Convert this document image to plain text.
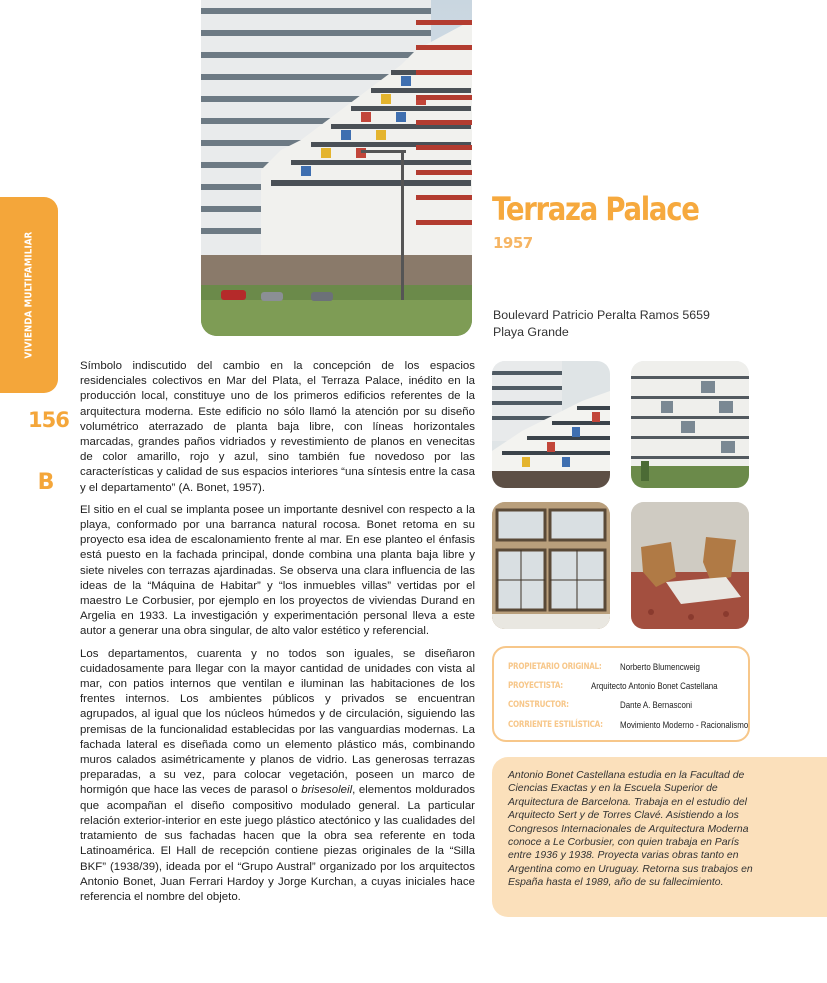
VIVIENDA MULTIFAMILIAR
156
B
Terraza Palace
1957
Boulevard Patricio Peralta Ramos 5659
Playa Grande

Símbolo indiscutido del cambio en la concepción de los espacios residenciales colectivos en Mar del Plata, el Terraza Palace, inédito en la producción local, constituye uno de los primeros edificios referentes de la arquitectura moderna. Este edificio no sólo llamó la atención por su diseño volumétrico aterrazado de planta baja libre, con líneas horizontales marcadas, grandes paños vidriados y revestimiento de planos en venecitas de color amarillo, rojo y azul, sino también fue novedoso por las características y calidad de sus espacios interiores “una síntesis entre la casa y el departamento” (A. Bonet, 1957).

El sitio en el cual se implanta posee un importante desnivel con respecto a la playa, conformado por una barranca natural rocosa. Bonet retoma en su proyecto esa idea de escalonamiento frente al mar. En ese planteo el énfasis está puesto en la fachada principal, donde combina una planta baja libre y siete niveles con terrazas ajardinadas. Se observa una clara influencia de las ideas de la “Máquina de Habitar” y “los inmuebles villas” vertidas por el maestro Le Corbusier, por ejemplo en los proyectos de viviendas Durand en Argelia en 1933. La investigación y experimentación personal lleva a este autor a generar una obra singular, de alto valor estético y referencial.

Los departamentos, cuarenta y no todos son iguales, se diseñaron cuidadosamente para llegar con la mayor cantidad de unidades con vista al mar, con patios internos que ventilan e iluminan las habitaciones de los frentes internos. Los ambientes públicos y privados se encuentran agrupados, al igual que los núcleos húmedos y de circulación, siguiendo las premisas de la funcionalidad establecidas por las vanguardias modernas. La fachada lateral es diseñada como un elemento plástico más, combinando muros calados asimétricamente y planos de vidrio. Las generosas terrazas preparadas, a su vez, para colocar vegetación, poseen un marco de hormigón que hace las veces de parasol o brisesoleil, elementos moldurados que acompañan el diseño compositivo modulado general. La particular relación exterior-interior en este juego plástico atectónico y las cualidades del tratamiento de sus fachadas hacen que la obra sea referente en toda Latinoamérica. El Hall de recepción contiene piezas originales de la “Silla BKF” (1938/39), ideada por el “Grupo Austral” organizado por los arquitectos Antonio Bonet, Juan Ferrari Hardoy y Jorge Kurchan, a cuyas iniciales hace referencia el nombre del objeto.

PROPIETARIO ORIGINAL: Norberto Blumencweig
PROYECTISTA:	Arquitecto Antonio Bonet Castellana
CONSTRUCTOR:	Dante A. Bernasconi
CORRIENTE ESTILÍSTICA: Movimiento Moderno - Racionalismo

Antonio Bonet Castellana estudia en la Facultad de Ciencias Exactas y en la Escuela Superior de Arquitectura de Barcelona. Trabaja en el estudio del Arquitecto Sert y de Torres Clavé. Asistiendo a los Congresos Internacionales de Arquitectura Moderna conoce a Le Corbusier, con quien trabaja en París entre 1936 y 1938. Proyecta varias obras tanto en Argentina como en Uruguay. Retorna sus trabajos en España hasta el 1989, año de su fallecimiento.
